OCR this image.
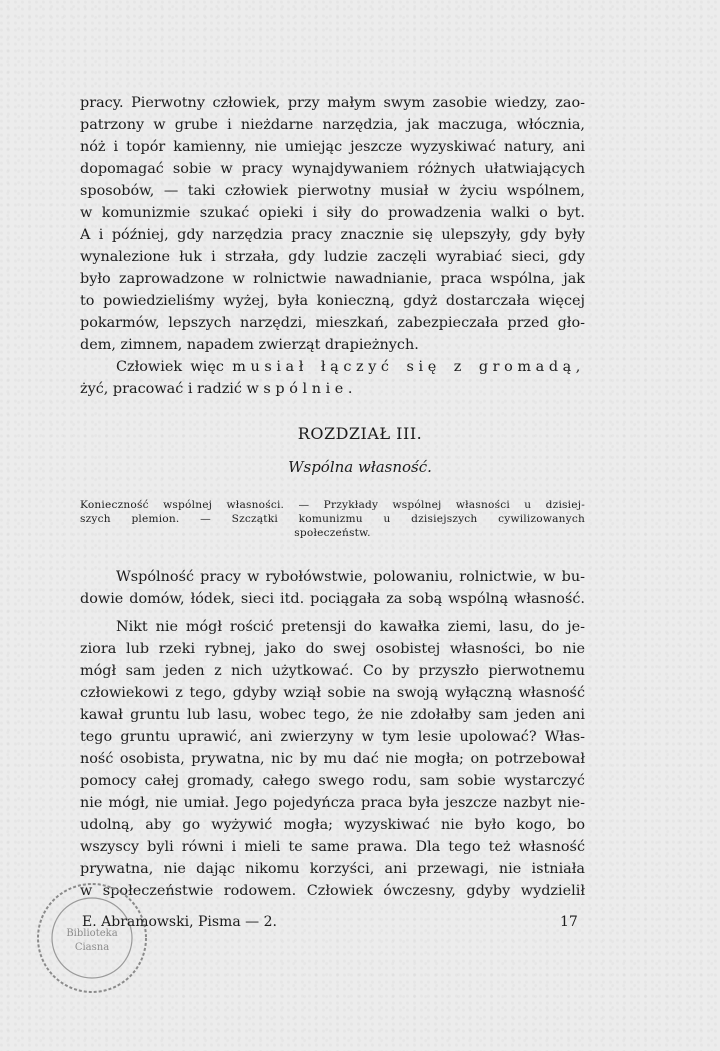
pracy. Pierwotny człowiek, przy małym swym zasobie wiedzy, zao-

patrzony w grube i nieżdarne narzędzia, jak maczuga, włócznia,

nóż i topór kamienny, nie umiejąc jeszcze wyzyskiwać natury, ani

dopomagać sobie w pracy wynajdywaniem różnych ułatwiających

sposobów, — taki człowiek pierwotny musiał w życiu wspólnem,

w komunizmie szukać opieki i siły do prowadzenia walki o byt.

A i później, gdy narzędzia pracy znacznie się ulepszyły, gdy były

wynalezione łuk i strzała, gdy ludzie zaczęli wyrabiać sieci, gdy

było zaprowadzone w rolnictwie nawadnianie, praca wspólna, jak

to powiedzieliśmy wyżej, była konieczną, gdyż dostarczała więcej

pokarmów, lepszych narzędzi, mieszkań, zabezpieczała przed gło-

dem, zimnem, napadem zwierząt drapieżnych.

Człowiek więc musiał łączyć się z gromadą,

żyć, pracować i radzić wspólnie.

ROZDZIAŁ III.
Wspólna własność.

Konieczność wspólnej własności. — Przykłady wspólnej własności u dzisiej-

szych plemion. — Szczątki komunizmu u dzisiejszych cywilizowanych

społeczeństw.

Wspólność pracy w rybołówstwie, polowaniu, rolnictwie, w bu-

dowie domów, łódek, sieci itd. pociągała za sobą wspólną własność.

Nikt nie mógł rościć pretensji do kawałka ziemi, lasu, do je-

ziora lub rzeki rybnej, jako do swej osobistej własności, bo nie

mógł sam jeden z nich użytkować. Co by przyszło pierwotnemu

człowiekowi z tego, gdyby wziął sobie na swoją wyłączną własność

kawał gruntu lub lasu, wobec tego, że nie zdołałby sam jeden ani

tego gruntu uprawić, ani zwierzyny w tym lesie upolować? Włas-

ność osobista, prywatna, nic by mu dać nie mogła; on potrzebował

pomocy całej gromady, całego swego rodu, sam sobie wystarczyć

nie mógł, nie umiał. Jego pojedyńcza praca była jeszcze nazbyt nie-

udolną, aby go wyżywić mogła; wyzyskiwać nie było kogo, bo

wszyscy byli równi i mieli te same prawa. Dla tego też własność

prywatna, nie dając nikomu korzyści, ani przewagi, nie istniała

w społeczeństwie rodowem. Człowiek ówczesny, gdyby wydzielił

Biblioteka
Ciasna
E. Abramowski, Pisma — 2.	17
